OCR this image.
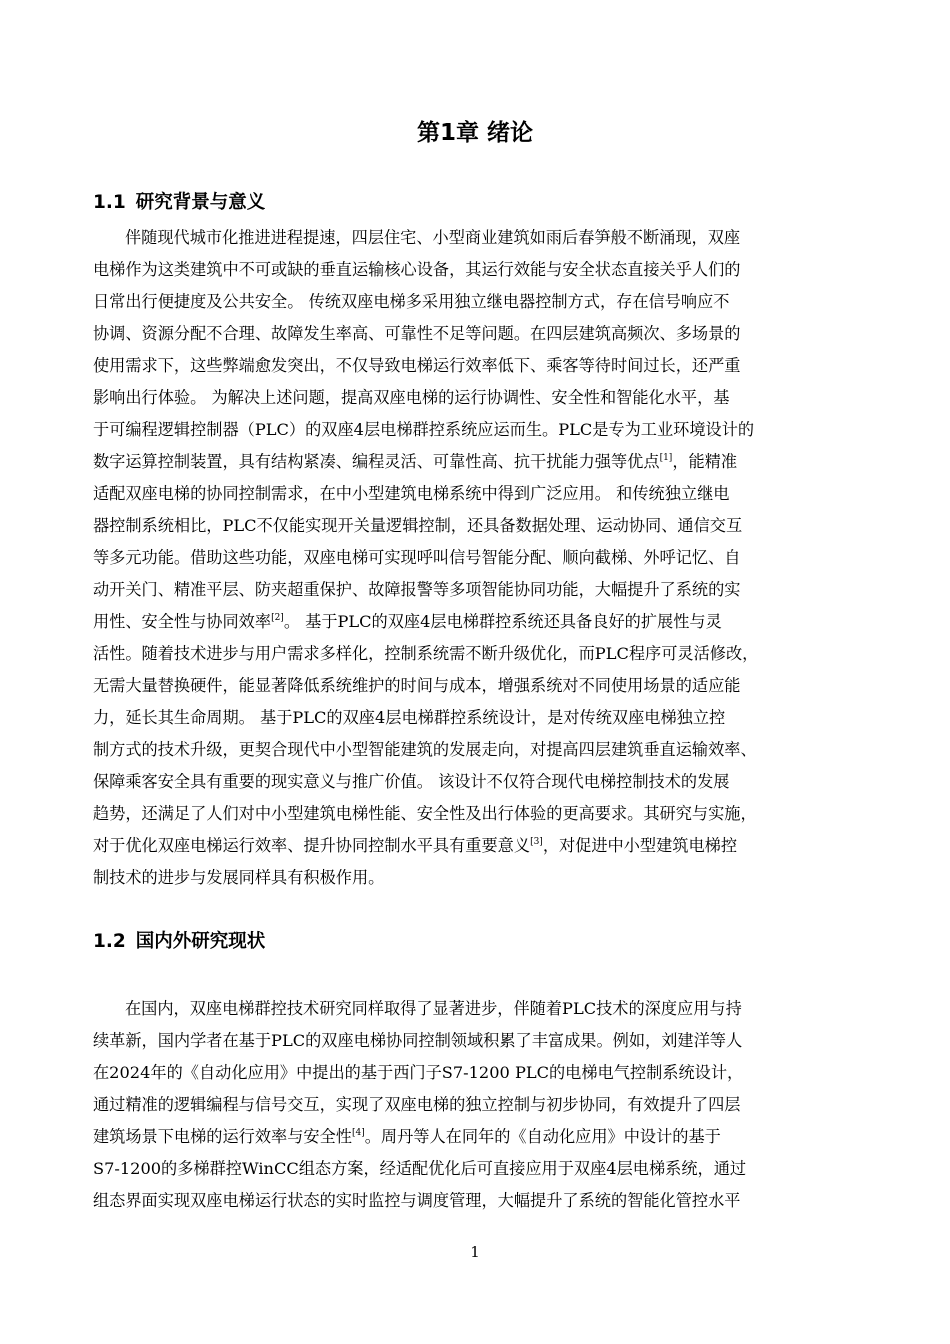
第1章 绪论
1.1 研究背景与意义
伴随现代城市化推进进程提速，四层住宅、小型商业建筑如雨后春笋般不断涌现，双座
电梯作为这类建筑中不可或缺的垂直运输核心设备，其运行效能与安全状态直接关乎人们的
日常出行便捷度及公共安全。 传统双座电梯多采用独立继电器控制方式，存在信号响应不
协调、资源分配不合理、故障发生率高、可靠性不足等问题。在四层建筑高频次、多场景的
使用需求下，这些弊端愈发突出，不仅导致电梯运行效率低下、乘客等待时间过长，还严重
影响出行体验。 为解决上述问题，提高双座电梯的运行协调性、安全性和智能化水平，基
于可编程逻辑控制器（PLC）的双座4层电梯群控系统应运而生。PLC是专为工业环境设计的
数字运算控制装置，具有结构紧凑、编程灵活、可靠性高、抗干扰能力强等优点[1]，能精准
适配双座电梯的协同控制需求，在中小型建筑电梯系统中得到广泛应用。 和传统独立继电
器控制系统相比，PLC不仅能实现开关量逻辑控制，还具备数据处理、运动协同、通信交互
等多元功能。借助这些功能，双座电梯可实现呼叫信号智能分配、顺向截梯、外呼记忆、自
动开关门、精准平层、防夹超重保护、故障报警等多项智能协同功能，大幅提升了系统的实
用性、安全性与协同效率[2]。 基于PLC的双座4层电梯群控系统还具备良好的扩展性与灵
活性。随着技术进步与用户需求多样化，控制系统需不断升级优化，而PLC程序可灵活修改，
无需大量替换硬件，能显著降低系统维护的时间与成本，增强系统对不同使用场景的适应能
力，延长其生命周期。 基于PLC的双座4层电梯群控系统设计，是对传统双座电梯独立控
制方式的技术升级，更契合现代中小型智能建筑的发展走向，对提高四层建筑垂直运输效率、
保障乘客安全具有重要的现实意义与推广价值。 该设计不仅符合现代电梯控制技术的发展
趋势，还满足了人们对中小型建筑电梯性能、安全性及出行体验的更高要求。其研究与实施，
对于优化双座电梯运行效率、提升协同控制水平具有重要意义[3]，对促进中小型建筑电梯控
制技术的进步与发展同样具有积极作用。
1.2 国内外研究现状
在国内，双座电梯群控技术研究同样取得了显著进步，伴随着PLC技术的深度应用与持
续革新，国内学者在基于PLC的双座电梯协同控制领域积累了丰富成果。例如，刘建洋等人
在2024年的《自动化应用》中提出的基于西门子S7-1200 PLC的电梯电气控制系统设计，
通过精准的逻辑编程与信号交互，实现了双座电梯的独立控制与初步协同，有效提升了四层
建筑场景下电梯的运行效率与安全性[4]。周丹等人在同年的《自动化应用》中设计的基于
S7-1200的多梯群控WinCC组态方案，经适配优化后可直接应用于双座4层电梯系统，通过
组态界面实现双座电梯运行状态的实时监控与调度管理，大幅提升了系统的智能化管控水平
1
